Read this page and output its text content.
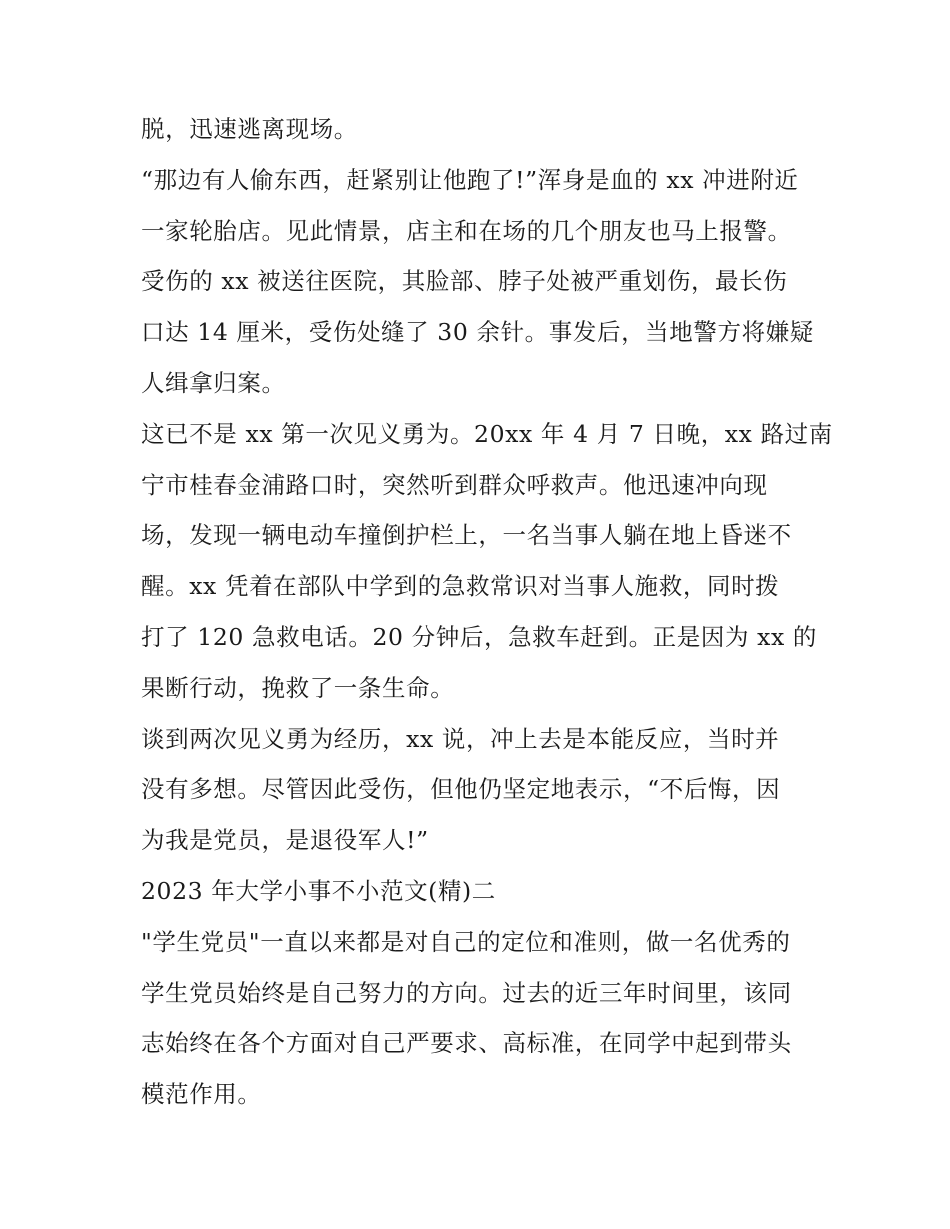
脱，迅速逃离现场。
“那边有人偷东西，赶紧别让他跑了!”浑身是血的 xx 冲进附近
一家轮胎店。见此情景，店主和在场的几个朋友也马上报警。
受伤的 xx 被送往医院，其脸部、脖子处被严重划伤，最长伤
口达 14 厘米，受伤处缝了 30 余针。事发后，当地警方将嫌疑
人缉拿归案。
这已不是 xx 第一次见义勇为。20xx 年 4 月 7 日晚，xx 路过南
宁市桂春金浦路口时，突然听到群众呼救声。他迅速冲向现
场，发现一辆电动车撞倒护栏上，一名当事人躺在地上昏迷不
醒。xx 凭着在部队中学到的急救常识对当事人施救，同时拨
打了 120 急救电话。20 分钟后，急救车赶到。正是因为 xx 的
果断行动，挽救了一条生命。
谈到两次见义勇为经历，xx 说，冲上去是本能反应，当时并
没有多想。尽管因此受伤，但他仍坚定地表示，“不后悔，因
为我是党员，是退役军人!”
2023 年大学小事不小范文(精)二
"学生党员"一直以来都是对自己的定位和准则，做一名优秀的
学生党员始终是自己努力的方向。过去的近三年时间里，该同
志始终在各个方面对自己严要求、高标准，在同学中起到带头
模范作用。
